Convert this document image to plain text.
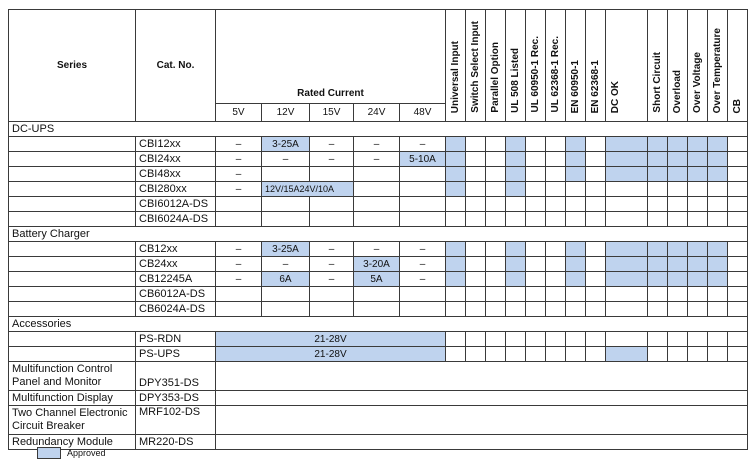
Series	Cat. No.	Rated Current					Universal Input	Switch Select Input	Parallel Option	UL 508 Listed	UL 60950-1 Rec.	UL 62368-1 Rec.	EN 60950-1	EN 62368-1	DC OK	Short Circuit	Overload	Over Voltage	Over Temperature	CB
		5V	12V	15V	24V	48V														
DC-UPS																				
	CBI12xx	–	3-25A	–	–	–														
	CBI24xx	–	–	–	–	5-10A														
	CBI48xx	–																		
	CBI280xx	–	12V/15A24V/10A																	
	CBI6012A-DS																			
	CBI6024A-DS																			
Battery Charger																				
	CB12xx	–	3-25A	–	–	–														
	CB24xx	–	–	–	3-20A	–														
	CB12245A	–	6A	–	5A	–														
	CB6012A-DS																			
	CB6024A-DS																			
Accessories																				
	PS-RDN	21-28V																		
	PS-UPS	21-28V																		
Multifunction Control Panel and Monitor	DPY351-DS																			
Multifunction Display	DPY353-DS																			
Two Channel Electronic Circuit Breaker	MRF102-DS																			
Redundancy Module	MR220-DS																			
Approved
